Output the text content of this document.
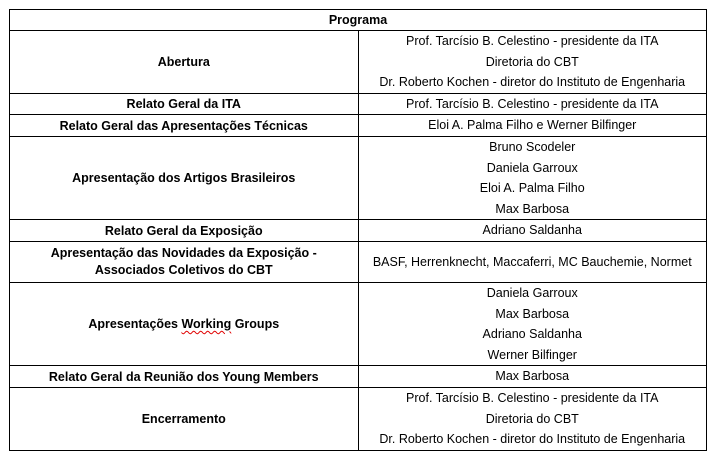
Programa	
Abertura	Prof. Tarcísio B. Celestino - presidente da ITA
Diretoria do CBT
Dr. Roberto Kochen - diretor do Instituto de Engenharia

Relato Geral da ITA	Prof. Tarcísio B. Celestino - presidente da ITA

Relato Geral das Apresentações Técnicas	Eloi A. Palma Filho e Werner Bilfinger

Apresentação dos Artigos Brasileiros	Bruno Scodeler
Daniela Garroux
Eloi A. Palma Filho
Max Barbosa

Relato Geral da Exposição	Adriano Saldanha

Apresentação das Novidades da Exposição -
Associados Coletivos do CBT	BASF, Herrenknecht, Maccaferri, MC Bauchemie, Normet

Apresentações Working Groups	Daniela Garroux
Max Barbosa
Adriano Saldanha
Werner Bilfinger

Relato Geral da Reunião dos Young Members	Max Barbosa

Encerramento	Prof. Tarcísio B. Celestino - presidente da ITA
Diretoria do CBT
Dr. Roberto Kochen - diretor do Instituto de Engenharia
